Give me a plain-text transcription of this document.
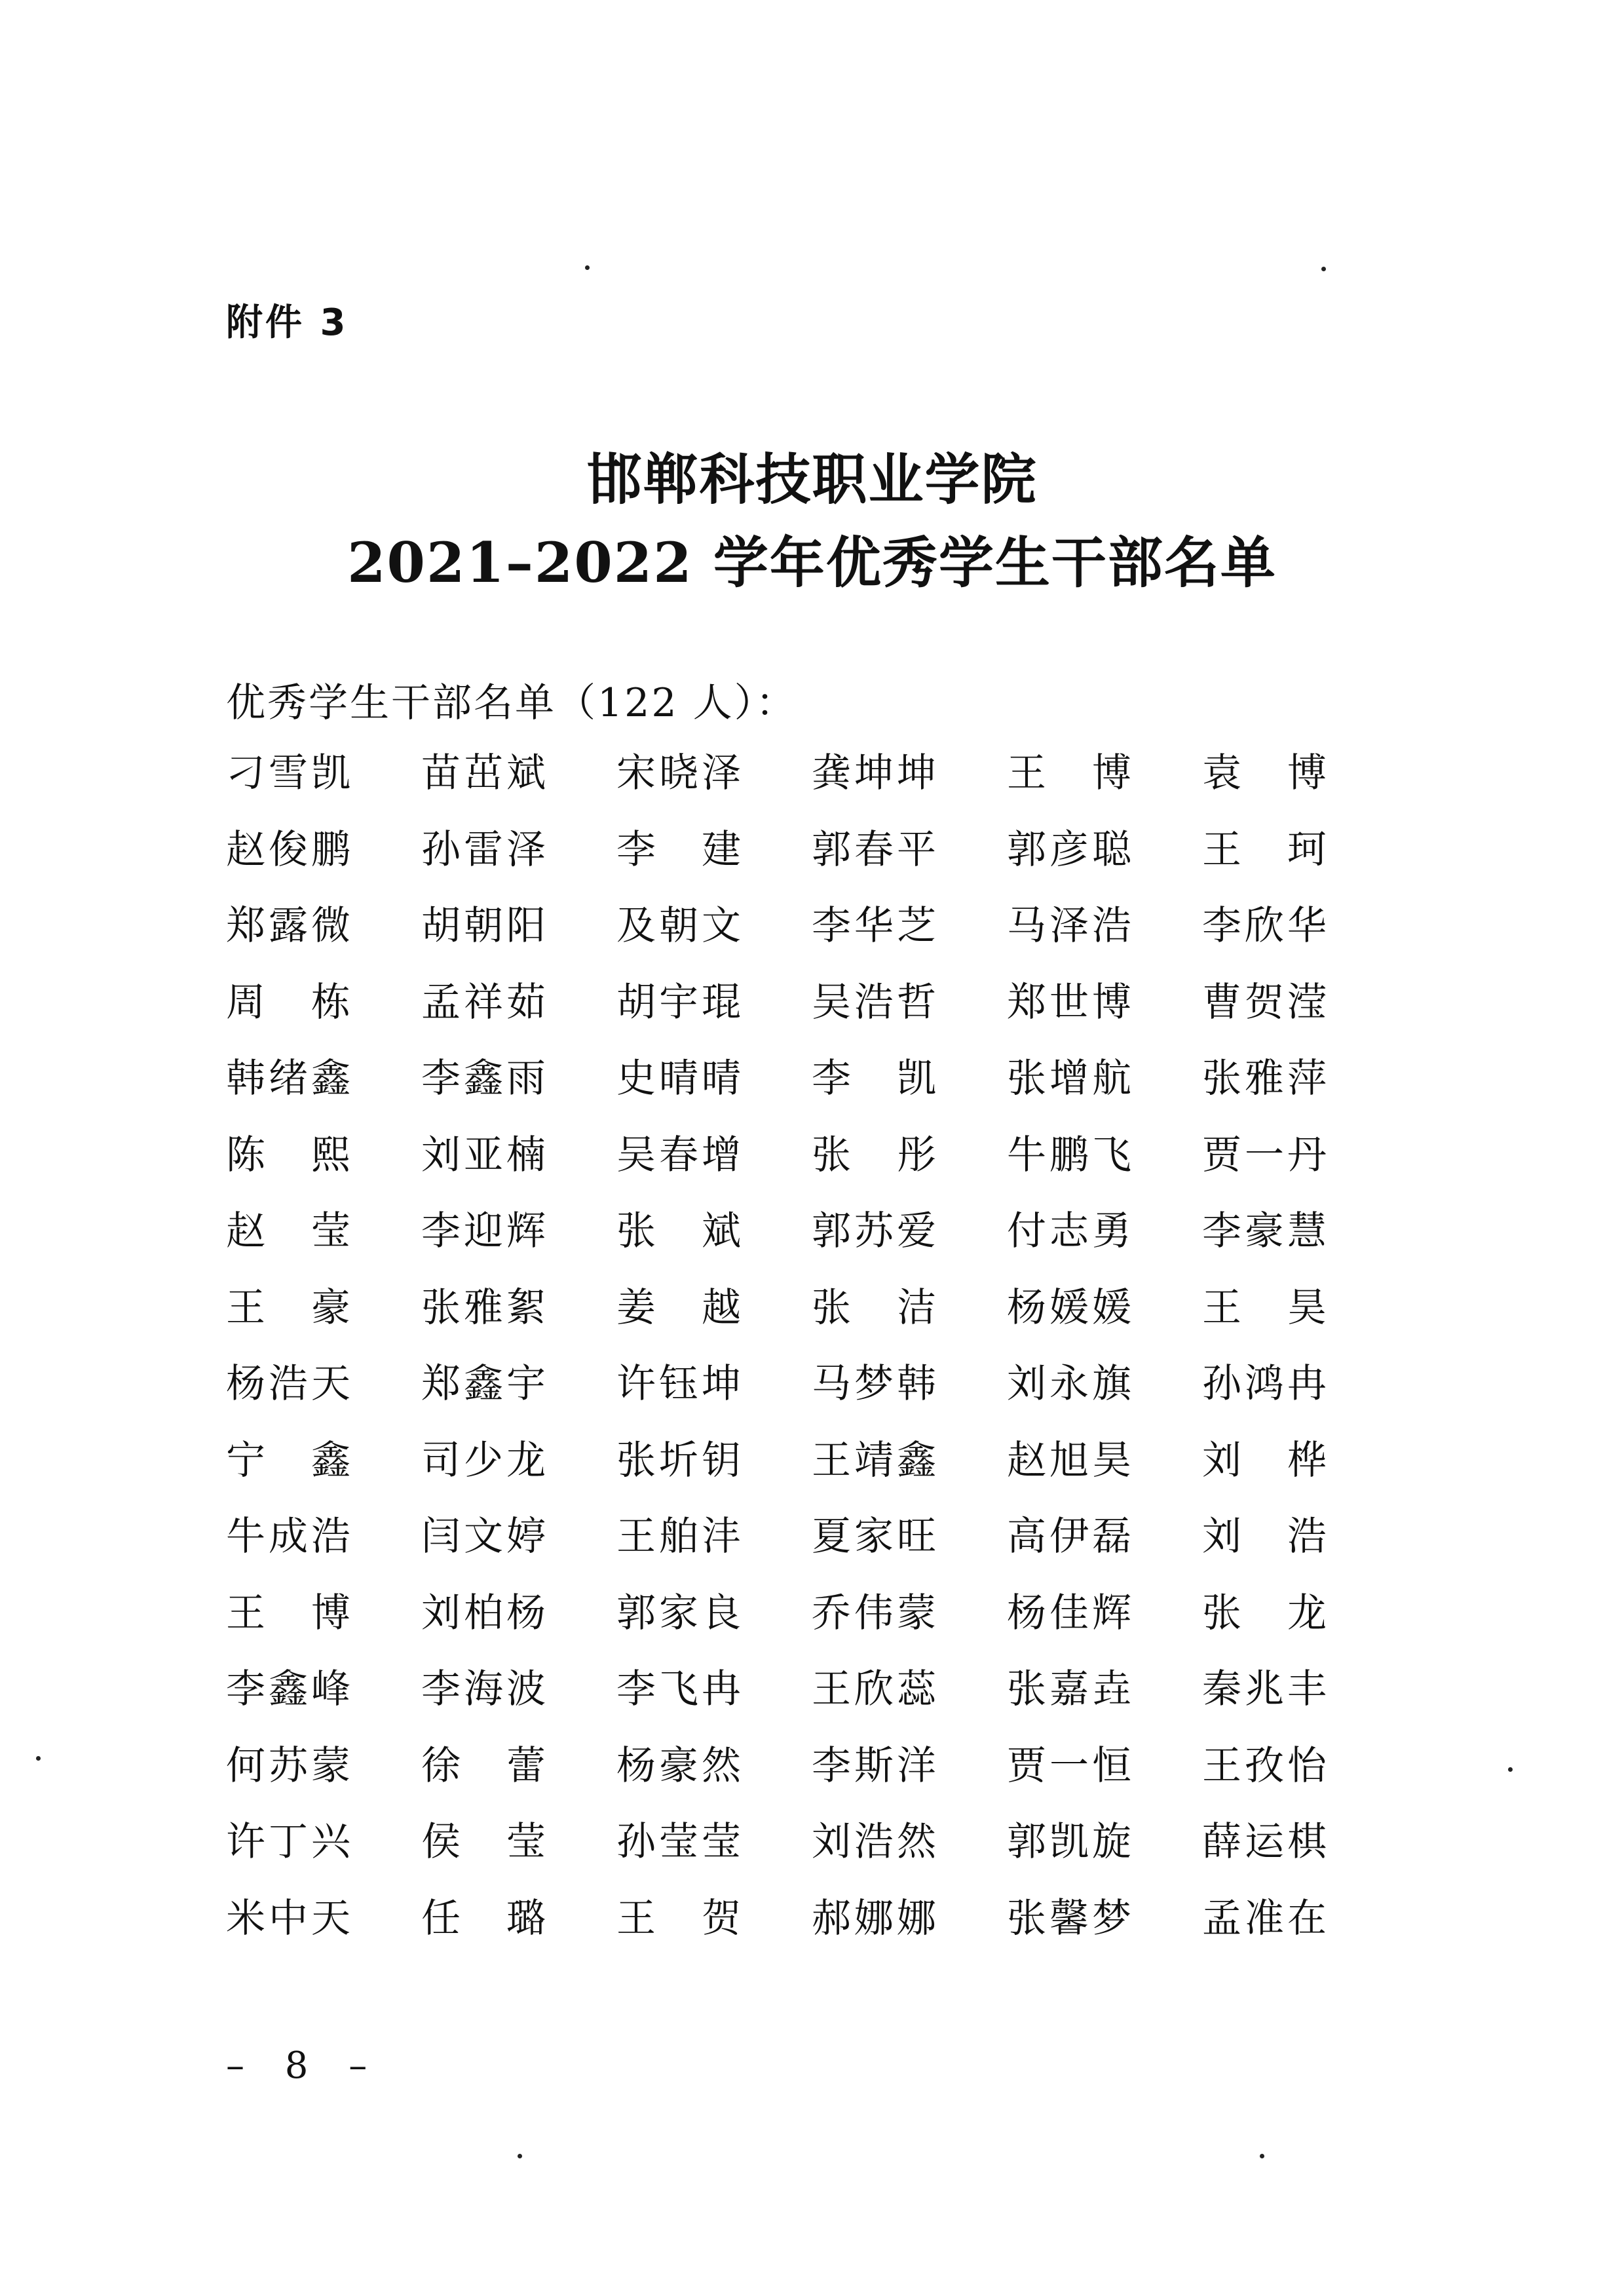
附件 3
邯郸科技职业学院
2021–2022 学年优秀学生干部名单
优秀学生干部名单（122 人）：
刁 雪 凯 苗 茁 斌 宋 晓 泽 龚 坤 坤 王
　 博 袁
　 博
赵 俊 鹏 孙 雷 泽 李
　 建 郭 春 平 郭 彦 聪 王
　 珂
郑 露 微 胡 朝 阳 及 朝 文 李 华 芝 马 泽 浩 李 欣 华
周
　 栋 孟 祥 茹 胡 宇 琨 吴 浩 哲 郑 世 博 曹 贺 滢
韩 绪 鑫 李 鑫 雨 史 晴 晴 李
　 凯 张 增 航 张 雅 萍
陈
　 熙 刘 亚 楠 吴 春 增 张
　 彤 牛 鹏 飞 贾 一 丹
赵
　 莹 李 迎 辉 张
　 斌 郭 苏 爱 付 志 勇 李 豪 慧
王
　 豪 张 雅 絮 姜
　 越 张
　 洁 杨 媛 媛 王
　 昊
杨 浩 天 郑 鑫 宇 许 钰 坤 马 梦 韩 刘 永 旗 孙 鸿 冉
宁
　 鑫 司 少 龙 张 圻 钥 王 靖 鑫 赵 旭 昊 刘
　 桦
牛 成 浩 闫 文 婷 王 舶 沣 夏 家 旺 高 伊 磊 刘
　 浩
王
　 博 刘 柏 杨 郭 家 良 乔 伟 蒙 杨 佳 辉 张
　 龙
李 鑫 峰 李 海 波 李 飞 冉 王 欣 蕊 张 嘉 垚 秦 兆 丰
何 苏 蒙 徐
　 蕾 杨 豪 然 李 斯 洋 贾 一 恒 王 孜 怡
许 丁 兴 侯
　 莹 孙 莹 莹 刘 浩 然 郭 凯 旋 薛 运 棋
米 中 天 任
　 璐 王
　 贺 郝 娜 娜 张 馨 梦 孟 准 在
– 8 –
